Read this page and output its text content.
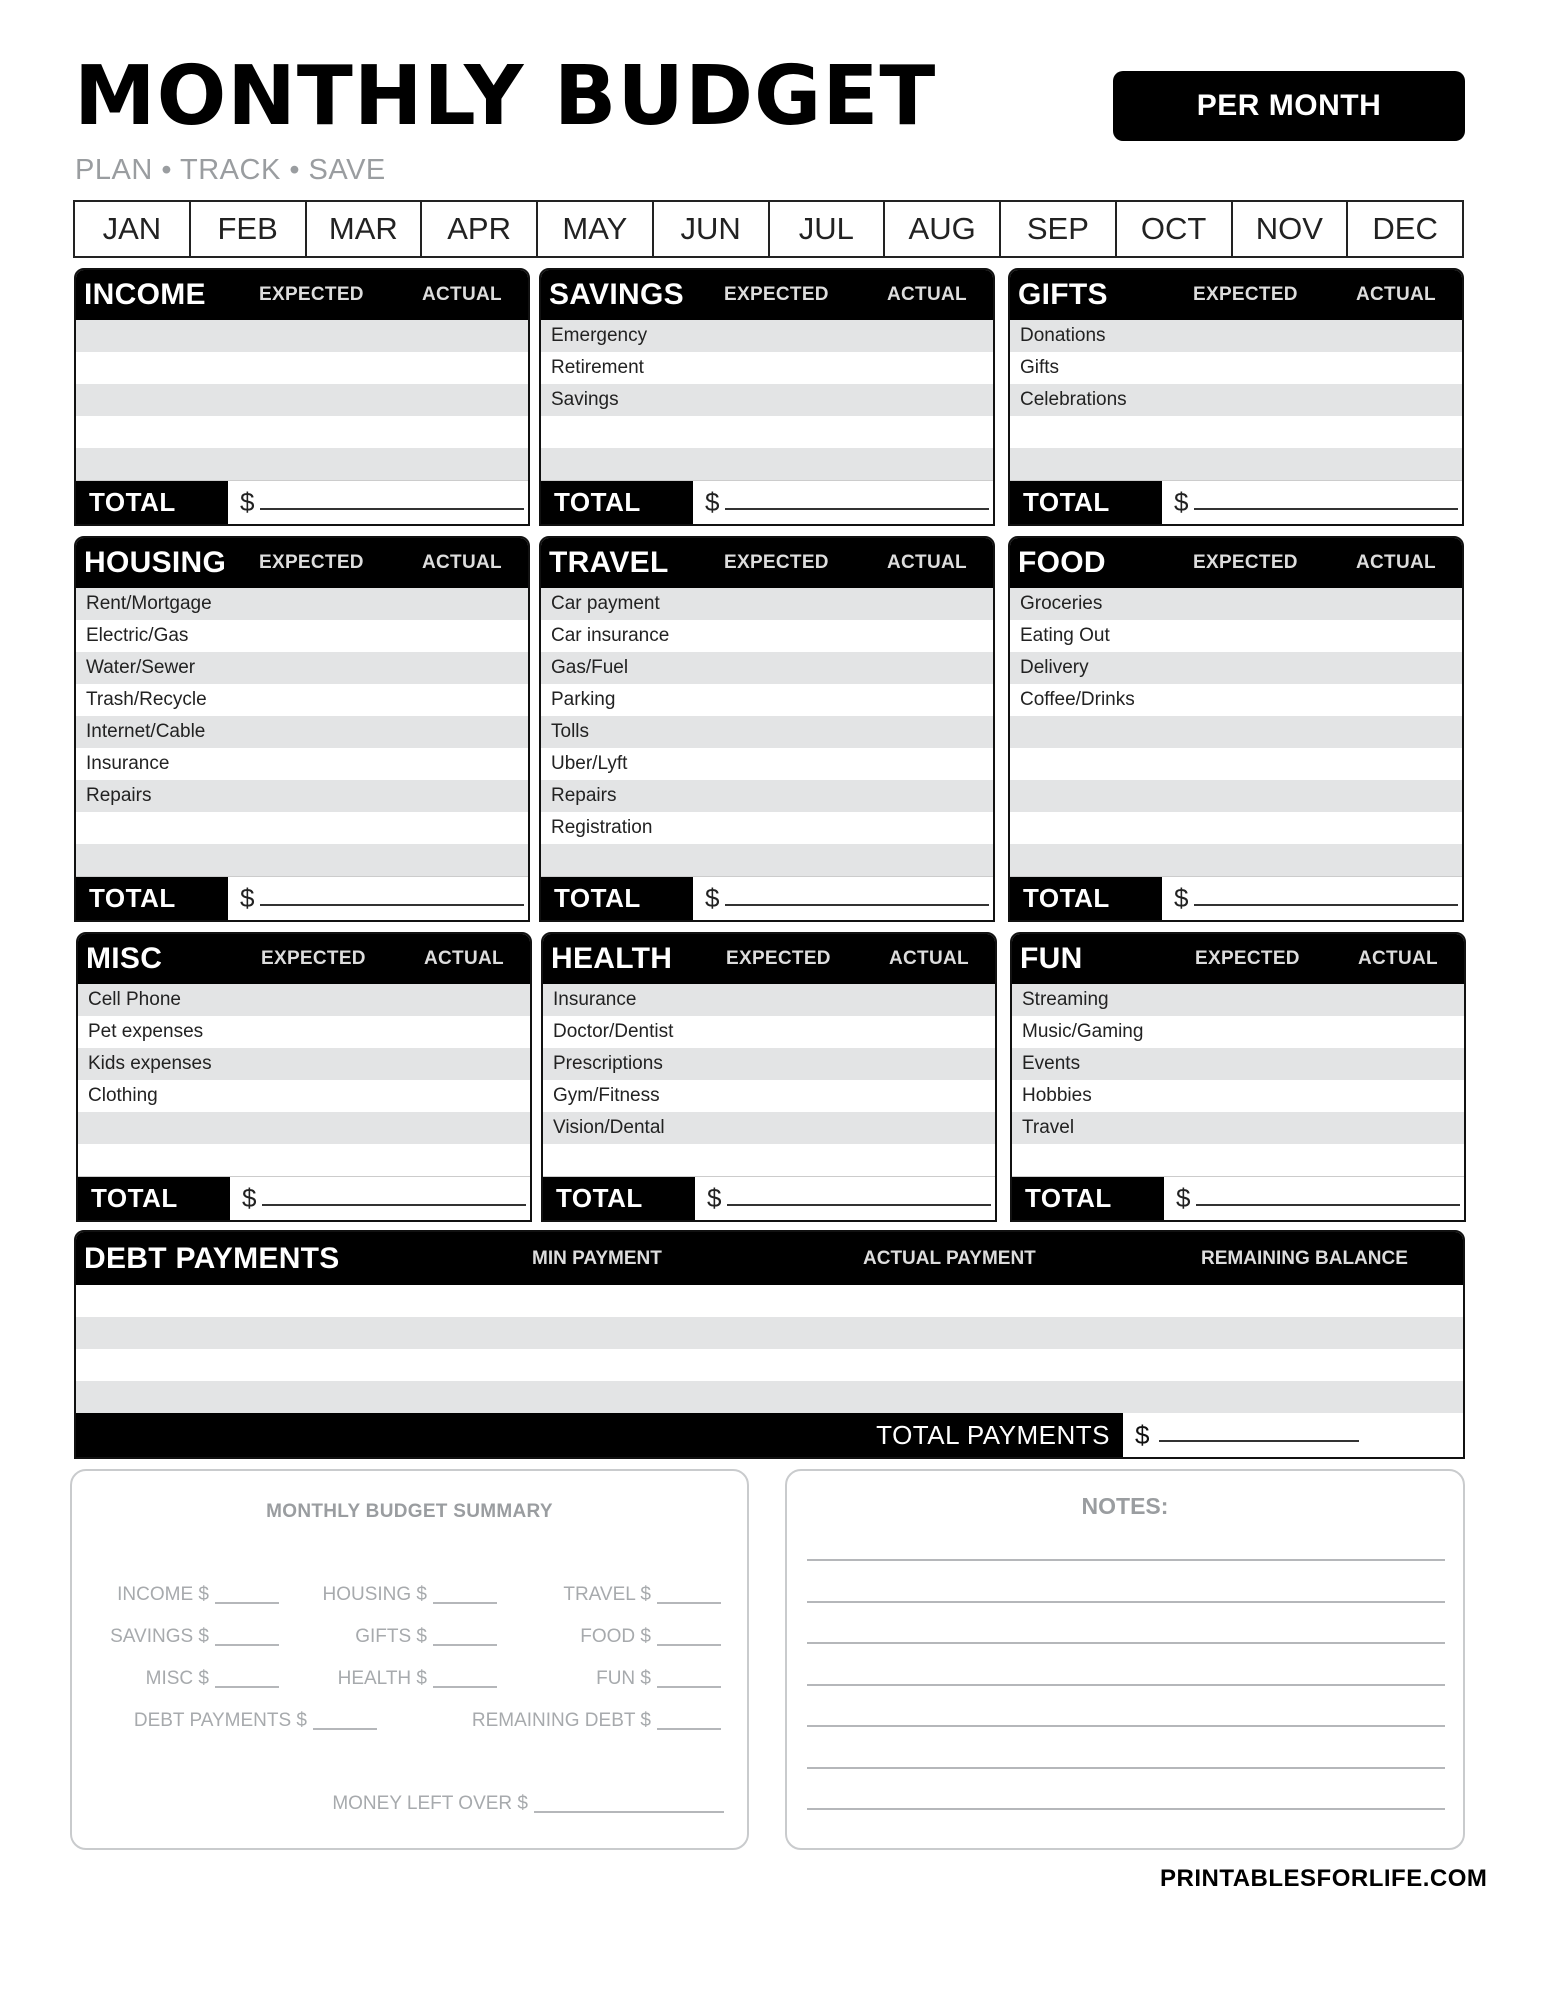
MONTHLY BUDGET
PLAN • TRACK • SAVE
PER MONTH
JAN	FEB	MAR	APR	MAY	JUN	JUL	AUG	SEP	OCT	NOV	DEC
INCOME	EXPECTED	ACTUAL
TOTAL	$
SAVINGS	EXPECTED	ACTUAL
Emergency
Retirement
Savings
TOTAL	$
GIFTS	EXPECTED	ACTUAL
Donations
Gifts
Celebrations
TOTAL	$
HOUSING	EXPECTED	ACTUAL
Rent/Mortgage
Electric/Gas
Water/Sewer
Trash/Recycle
Internet/Cable
Insurance
Repairs
TOTAL	$
TRAVEL	EXPECTED	ACTUAL
Car payment
Car insurance
Gas/Fuel
Parking
Tolls
Uber/Lyft
Repairs
Registration
TOTAL	$
FOOD	EXPECTED	ACTUAL
Groceries
Eating Out
Delivery
Coffee/Drinks
TOTAL	$
MISC	EXPECTED	ACTUAL
Cell Phone
Pet expenses
Kids expenses
Clothing
TOTAL	$
HEALTH	EXPECTED	ACTUAL
Insurance
Doctor/Dentist
Prescriptions
Gym/Fitness
Vision/Dental
TOTAL	$
FUN	EXPECTED	ACTUAL
Streaming
Music/Gaming
Events
Hobbies
Travel
TOTAL	$
DEBT PAYMENTS	MIN PAYMENT	ACTUAL PAYMENT	REMAINING BALANCE
TOTAL PAYMENTS $
MONTHLY BUDGET SUMMARY
INCOME $	HOUSING $	TRAVEL $
SAVINGS $	GIFTS $	FOOD $
MISC $	HEALTH $	FUN $
DEBT PAYMENTS $	REMAINING DEBT $
MONEY LEFT OVER $
NOTES:
PRINTABLESFORLIFE.COM
